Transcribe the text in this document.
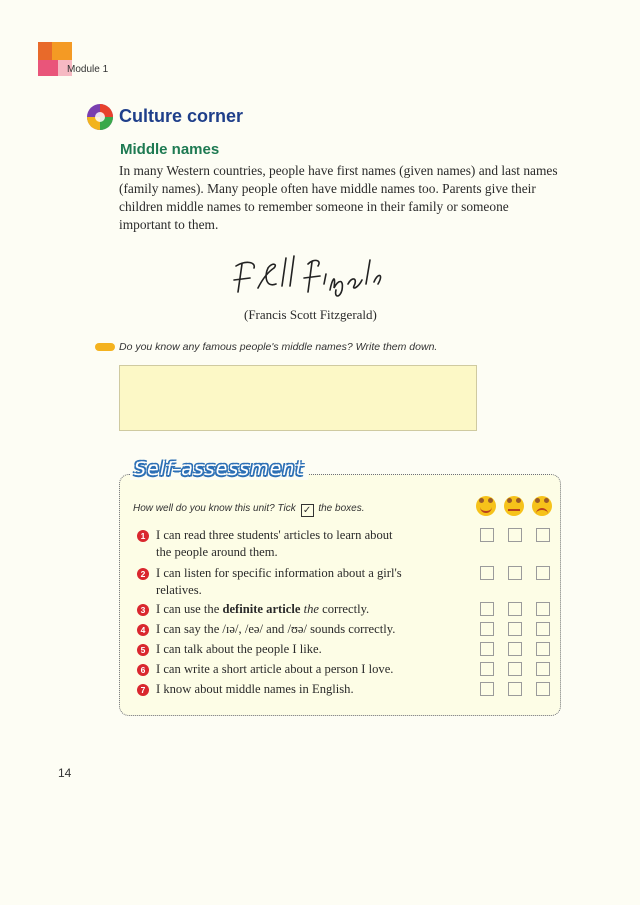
Module 1
Culture corner
Middle names
In many Western countries, people have first names (given names) and last names (family names). Many people often have middle names too. Parents give their children middle names to remember someone in their family or someone important to them.
(Francis Scott Fitzgerald)
Do you know any famous people's middle names? Write them down.
Self-assessment
How well do you know this unit? Tick ✓ the boxes.
1 I can read three students' articles to learn about
the people around them.
2 I can listen for specific information about a girl's
relatives.
3 I can use the definite article the correctly.
4 I can say the /ɪə/, /eə/ and /ʊə/ sounds correctly.
5 I can talk about the people I like.
6 I can write a short article about a person I love.
7 I know about middle names in English.
14
